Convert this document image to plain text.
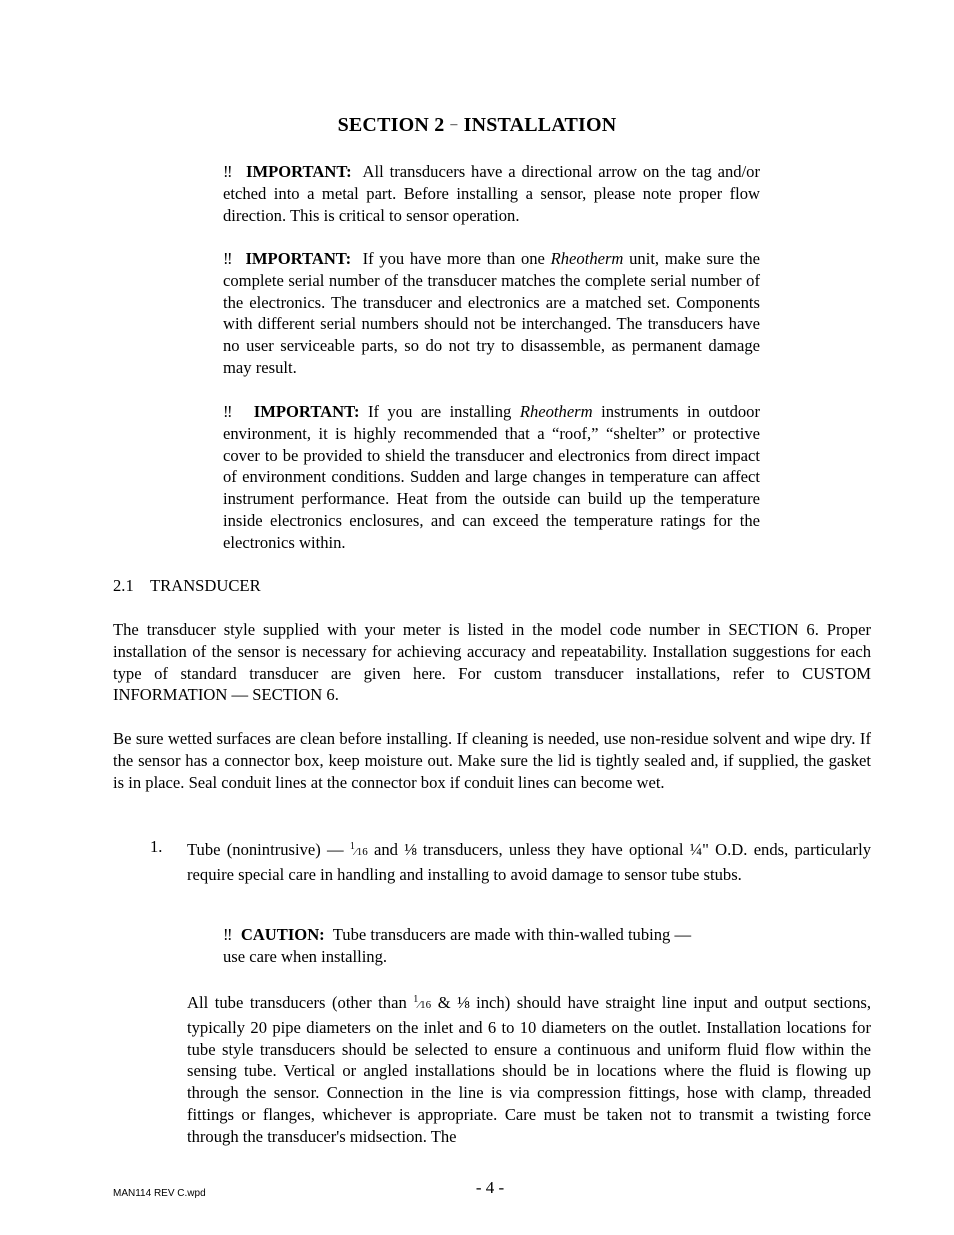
SECTION 2 – INSTALLATION

‼ IMPORTANT: All transducers have a directional arrow on the tag and/or etched into a metal part. Before installing a sensor, please note proper flow direction. This is critical to sensor operation.

‼ IMPORTANT: If you have more than one Rheotherm unit, make sure the complete serial number of the transducer matches the complete serial number of the electronics. The transducer and electronics are a matched set. Components with different serial numbers should not be interchanged. The transducers have no user serviceable parts, so do not try to disassemble, as permanent damage may result.

‼ IMPORTANT: If you are installing Rheotherm instruments in outdoor environment, it is highly recommended that a “roof,” “shelter” or protective cover to be provided to shield the transducer and electronics from direct impact of environment conditions. Sudden and large changes in temperature can affect instrument performance. Heat from the outside can build up the temperature inside electronics enclosures, and can exceed the temperature ratings for the electronics within.

2.1 TRANSDUCER

The transducer style supplied with your meter is listed in the model code number in SECTION 6. Proper installation of the sensor is necessary for achieving accuracy and repeatability. Installation suggestions for each type of standard transducer are given here. For custom transducer installations, refer to CUSTOM INFORMATION — SECTION 6.

Be sure wetted surfaces are clean before installing. If cleaning is needed, use non-residue solvent and wipe dry. If the sensor has a connector box, keep moisture out. Make sure the lid is tightly sealed and, if supplied, the gasket is in place. Seal conduit lines at the connector box if conduit lines can become wet.

1. Tube (nonintrusive) — $^1$⁄16 and ⅛ transducers, unless they have optional ¼" O.D. ends, particularly require special care in handling and installing to avoid damage to sensor tube stubs.

‼ CAUTION: Tube transducers are made with thin-walled tubing —
use care when installing.

All tube transducers (other than $^1$⁄16 & ⅛ inch) should have straight line input and output sections, typically 20 pipe diameters on the inlet and 6 to 10 diameters on the outlet. Installation locations for tube style transducers should be selected to ensure a continuous and uniform fluid flow within the sensing tube. Vertical or angled installations should be in locations where the fluid is flowing up through the sensor. Connection in the line is via compression fittings, hose with clamp, threaded fittings or flanges, whichever is appropriate. Care must be taken not to transmit a twisting force through the transducer's midsection. The

MAN114 REV C.wpd	- 4 -
